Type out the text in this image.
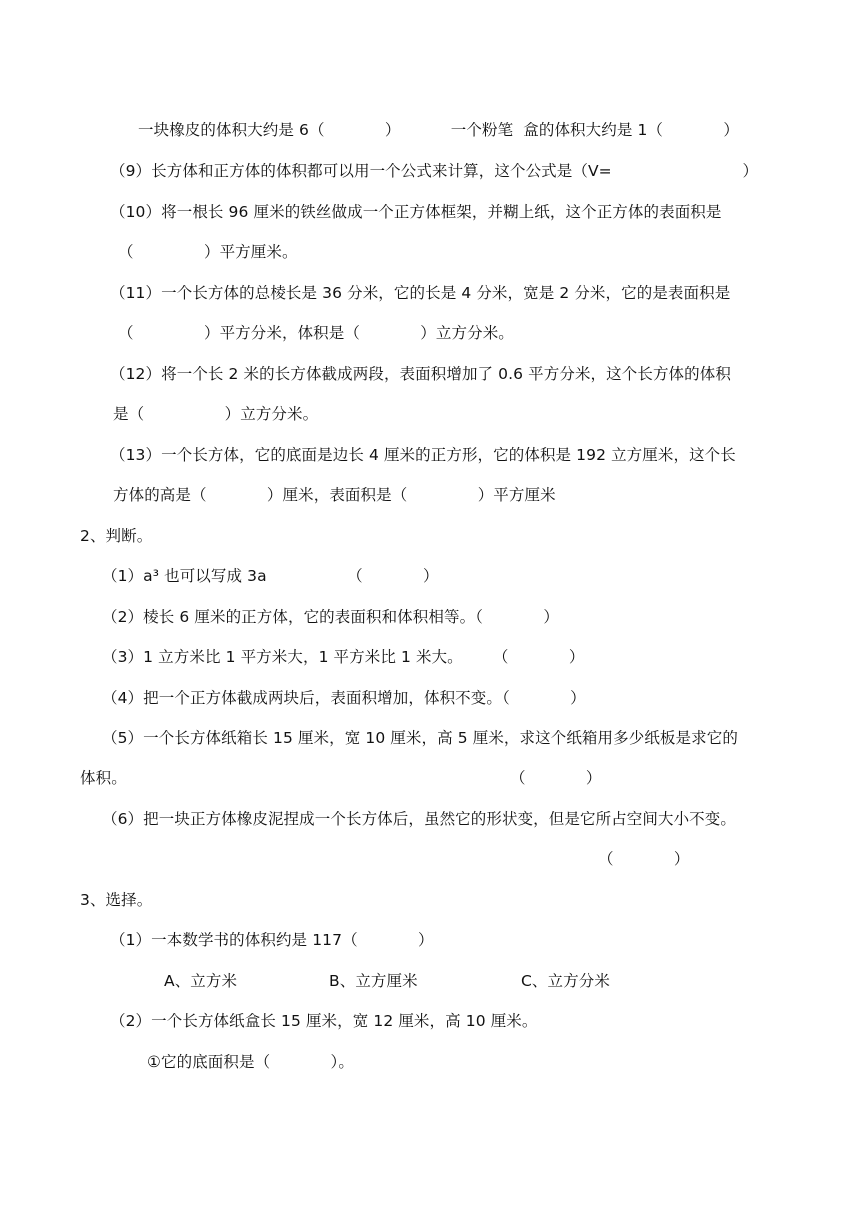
一块橡皮的体积大约是 6（            ）          一个粉笔  盒的体积大约是 1（            ）
（9）长方体和正方体的体积都可以用一个公式来计算，这个公式是（V=                          ）
（10）将一根长 96 厘米的铁丝做成一个正方体框架，并糊上纸，这个正方体的表面积是
（              ）平方厘米。
（11）一个长方体的总棱长是 36 分米，它的长是 4 分米，宽是 2 分米，它的是表面积是
（              ）平方分米，体积是（            ）立方分米。
（12）将一个长 2 米的长方体截成两段，表面积增加了 0.6 平方分米，这个长方体的体积
是（                ）立方分米。
（13）一个长方体，它的底面是边长 4 厘米的正方形，它的体积是 192 立方厘米，这个长
方体的高是（            ）厘米，表面积是（              ）平方厘米
2、判断。
（1）a³ 也可以写成 3a                （            ）
（2）棱长 6 厘米的正方体，它的表面积和体积相等。（            ）
（3）1 立方米比 1 平方米大，1 平方米比 1 米大。      （            ）
（4）把一个正方体截成两块后，表面积增加，体积不变。（            ）
（5）一个长方体纸箱长 15 厘米，宽 10 厘米，高 5 厘米，求这个纸箱用多少纸板是求它的
体积。	（            ）
（6）把一块正方体橡皮泥捏成一个长方体后，虽然它的形状变，但是它所占空间大小不变。
（            ）
3、选择。
（1）一本数学书的体积约是 117（            ）
A、立方米	B、立方厘米	C、立方分米
（2）一个长方体纸盒长 15 厘米，宽 12 厘米，高 10 厘米。
①它的底面积是（            ）。
